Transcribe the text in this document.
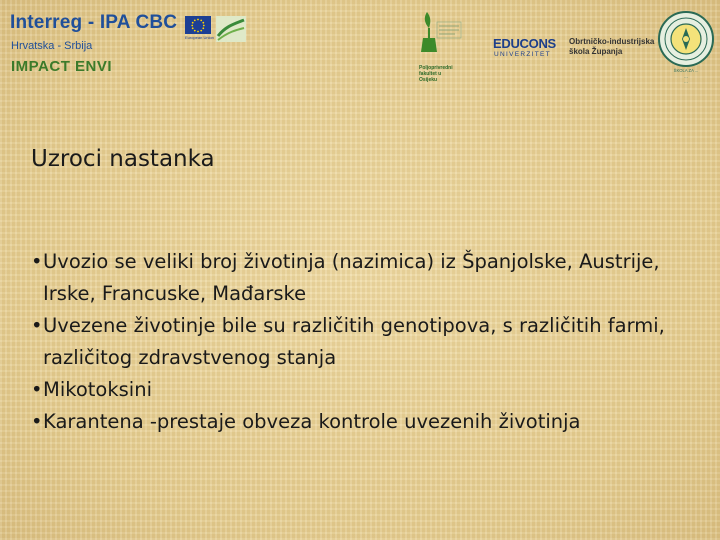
Interreg - IPA CBC
Hrvatska - Srbija
IMPACT ENVI
European Union
Poljoprivredni
fakultet u
Osijeku
EDUCONS
UNIVERZITET
Obrtničko-industrijska
škola Županja
ŠKOLA ZA ...
...
...
Uzroci nastanka
• Uvozio se veliki broj životinja (nazimica) iz Španjolske, Austrije, Irske, Francuske, Mađarske
• Uvezene životinje bile su različitih genotipova, s različitih farmi, različitog zdravstvenog stanja
• Mikotoksini
• Karantena -prestaje obveza kontrole uvezenih životinja
